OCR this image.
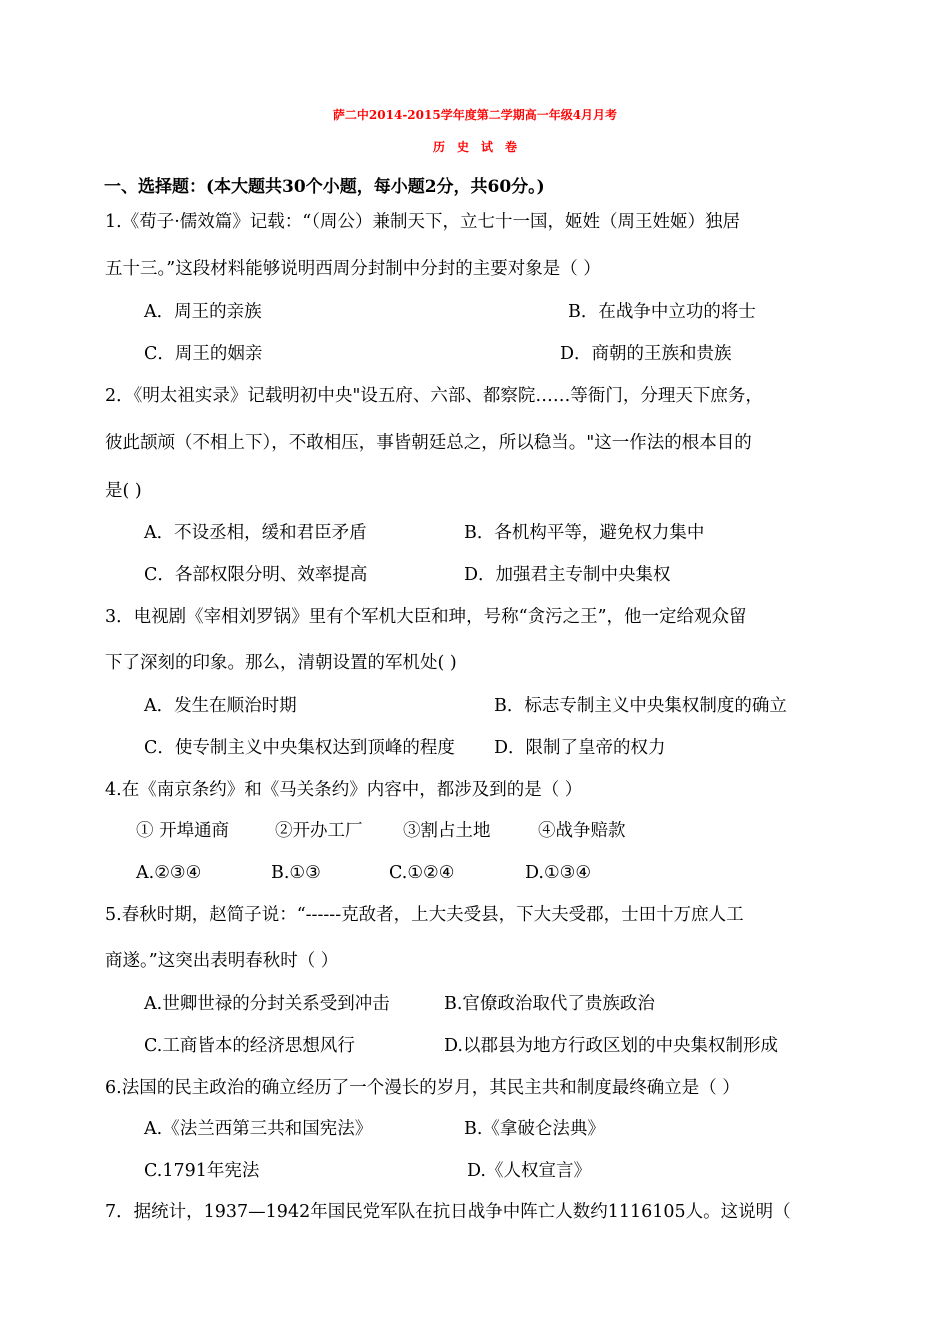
萨二中2014-2015学年度第二学期高一年级4月月考
历史试卷
一、选择题：(本大题共30个小题，每小题2分，共60分。)
1.《荀子·儒效篇》记载：“（周公）兼制天下，立七十一国，姬姓（周王姓姬）独居
五十三。”这段材料能够说明西周分封制中分封的主要对象是（ ）
A．周王的亲族	B．在战争中立功的将士
C．周王的姻亲	D．商朝的王族和贵族
2．《明太祖实录》记载明初中央"设五府、六部、都察院……等衙门，分理天下庶务，
彼此颉颃（不相上下），不敢相压，事皆朝廷总之，所以稳当。"这一作法的根本目的
是( )
A．不设丞相，缓和君臣矛盾	B．各机构平等，避免权力集中
C．各部权限分明、效率提高	D．加强君主专制中央集权
3．电视剧《宰相刘罗锅》里有个军机大臣和珅，号称“贪污之王”，他一定给观众留
下了深刻的印象。那么，清朝设置的军机处( )
A．发生在顺治时期	B．标志专制主义中央集权制度的确立
C．使专制主义中央集权达到顶峰的程度 D．限制了皇帝的权力
4.在《南京条约》和《马关条约》内容中，都涉及到的是（ ）
① 开埠通商	②开办工厂 ③割占土地	④战争赔款
A.②③④	B.①③	C.①②④	D.①③④
5.春秋时期，赵简子说：“------克敌者，上大夫受县，下大夫受郡，士田十万庶人工
商遂。”这突出表明春秋时（ ）
A.世卿世禄的分封关系受到冲击	B.官僚政治取代了贵族政治
C.工商皆本的经济思想风行	D.以郡县为地方行政区划的中央集权制形成
6.法国的民主政治的确立经历了一个漫长的岁月，其民主共和制度最终确立是（ ）
A.《法兰西第三共和国宪法》	B.《拿破仑法典》
C.1791年宪法	D.《人权宣言》
7．据统计，1937—1942年国民党军队在抗日战争中阵亡人数约1116105人。这说明（
